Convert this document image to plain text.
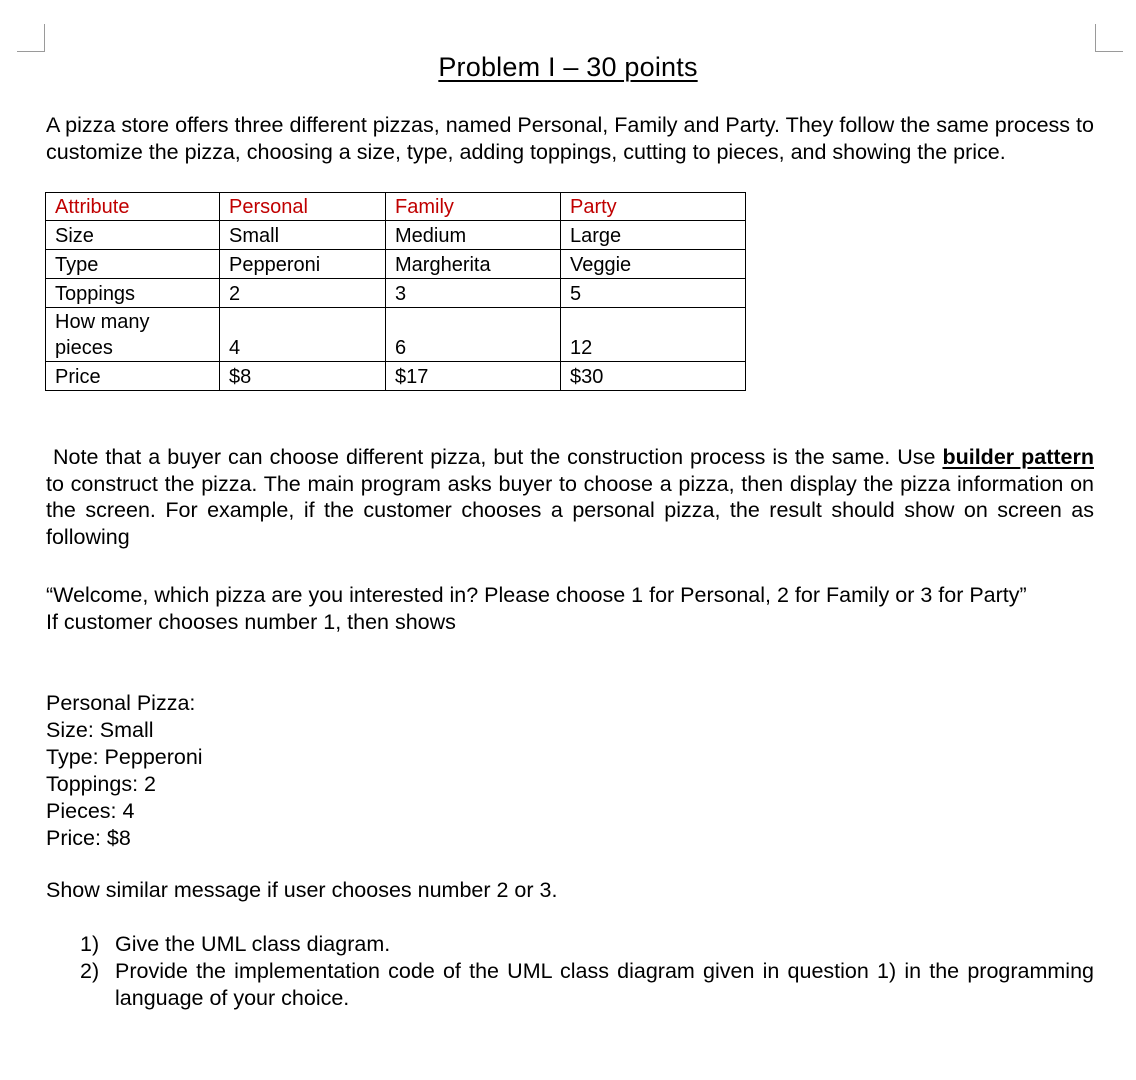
Problem I – 30 points
A pizza store offers three different pizzas, named Personal, Family and Party. They follow the same process to customize the pizza, choosing a size, type, adding toppings, cutting to pieces, and showing the price.
Attribute	Personal	Family	Party
Size	Small	Medium	Large
Type	Pepperoni	Margherita	Veggie
Toppings	2	3	5
How many pieces	4	6	12
Price	$8	$17	$30
Note that a buyer can choose different pizza, but the construction process is the same. Use builder pattern to construct the pizza. The main program asks buyer to choose a pizza, then display the pizza information on the screen. For example, if the customer chooses a personal pizza, the result should show on screen as following
“Welcome, which pizza are you interested in? Please choose 1 for Personal, 2 for Family or 3 for Party”
If customer chooses number 1, then shows
Personal Pizza:
Size: Small
Type: Pepperoni
Toppings: 2
Pieces: 4
Price: $8
Show similar message if user chooses number 2 or 3.
1) Give the UML class diagram.
2) Provide the implementation code of the UML class diagram given in question 1) in the programming language of your choice.
